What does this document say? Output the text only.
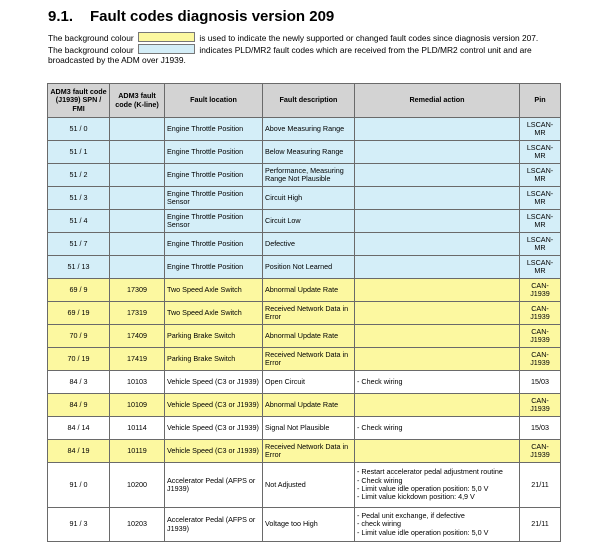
9.1. Fault codes diagnosis version 209
The background colour	is used to indicate the newly supported or changed fault codes since diagnosis version 207.
The background colour	indicates PLD/MR2 fault codes which are received from the PLD/MR2 control unit and are
broadcasted by the ADM over J1939.
ADM3 fault code (J1939) SPN / FMI	ADM3 fault code (K-line)	Fault location	Fault description	Remedial action	Pin
51 / 0		Engine Throttle Position	Above Measuring Range		LSCAN-MR
51 / 1		Engine Throttle Position	Below Measuring Range		LSCAN-MR
51 / 2		Engine Throttle Position	Performance, Measuring Range Not Plausible		LSCAN-MR
51 / 3		Engine Throttle Position Sensor	Circuit High		LSCAN-MR
51 / 4		Engine Throttle Position Sensor	Circuit Low		LSCAN-MR
51 / 7		Engine Throttle Position	Defective		LSCAN-MR
51 / 13		Engine Throttle Position	Position Not Learned		LSCAN-MR
69 / 9	17309	Two Speed Axle Switch	Abnormal Update Rate		CAN-J1939
69 / 19	17319	Two Speed Axle Switch	Received Network Data in Error		CAN-J1939
70 / 9	17409	Parking Brake Switch	Abnormal Update Rate		CAN-J1939
70 / 19	17419	Parking Brake Switch	Received Network Data in Error		CAN-J1939
84 / 3	10103	Vehicle Speed (C3 or J1939)	Open Circuit	- Check wiring	15/03
84 / 9	10109	Vehicle Speed (C3 or J1939)	Abnormal Update Rate		CAN-J1939
84 / 14	10114	Vehicle Speed (C3 or J1939)	Signal Not Plausible	- Check wiring	15/03
84 / 19	10119	Vehicle Speed (C3 or J1939)	Received Network Data in Error		CAN-J1939
91 / 0	10200	Accelerator Pedal (AFPS or J1939)	Not Adjusted	- Restart accelerator pedal adjustment routine
- Check wiring
- Limit value idle operation position: 5,0 V
- Limit value kickdown position: 4,9 V	21/11
91 / 3	10203	Accelerator Pedal (AFPS or J1939)	Voltage too High	- Pedal unit exchange, if defective
- check wiring
- Limit value idle operation position: 5,0 V	21/11
